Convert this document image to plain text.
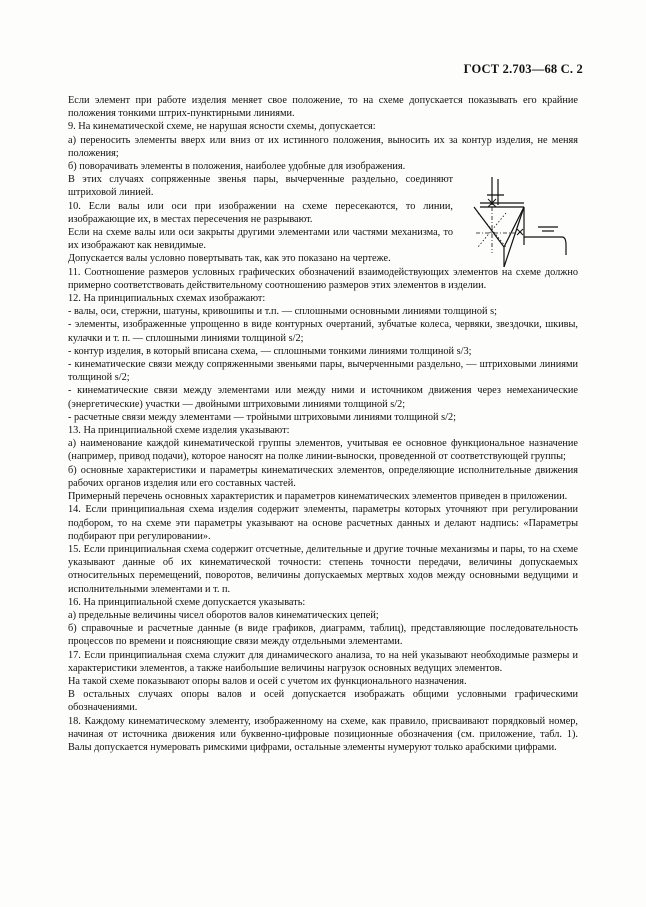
ГОСТ 2.703—68 С. 2
Если элемент при работе изделия меняет свое положение, то на схеме допускается показывать его крайние положения тонкими штрих-пунктирными линиями.
9. На кинематической схеме, не нарушая ясности схемы, допускается:
а) переносить элементы вверх или вниз от их истинного положения, выносить их за контур изделия, не меняя положения;
б) поворачивать элементы в положения, наиболее удобные для изображения.
В этих случаях сопряженные звенья пары, вычерченные раздельно, соединяют штриховой линией.
10. Если валы или оси при изображении на схеме пересекаются, то линии, изображающие их, в местах пересечения не разрывают.
Если на схеме валы или оси закрыты другими элементами или частями механизма, то их изображают как невидимые.
Допускается валы условно повертывать так, как это показано на чертеже.
11. Соотношение размеров условных графических обозначений взаимодействующих элементов на схеме должно примерно соответствовать действительному соотношению размеров этих элементов в изделии.
12. На принципиальных схемах изображают:
- валы, оси, стержни, шатуны, кривошипы и т.п. — сплошными основными линиями толщиной s;
- элементы, изображенные упрощенно в виде контурных очертаний, зубчатые колеса, червяки, звездочки, шкивы, кулачки и т. п. — сплошными линиями толщиной s/2;
- контур изделия, в который вписана схема, — сплошными тонкими линиями толщиной s/3;
- кинематические связи между сопряженными звеньями пары, вычерченными раздельно, — штриховыми линиями толщиной s/2;
- кинематические связи между элементами или между ними и источником движения через немеханические (энергетические) участки — двойными штриховыми линиями толщиной s/2;
- расчетные связи между элементами — тройными штриховыми линиями толщиной s/2;
13. На принципиальной схеме изделия указывают:
а) наименование каждой кинематической группы элементов, учитывая ее основное функциональное назначение (например, привод подачи), которое наносят на полке линии-выноски, проведенной от соответствующей группы;
б) основные характеристики и параметры кинематических элементов, определяющие исполнительные движения рабочих органов изделия или его составных частей.
Примерный перечень основных характеристик и параметров кинематических элементов приведен в приложении.
14. Если принципиальная схема изделия содержит элементы, параметры которых уточняют при регулировании подбором, то на схеме эти параметры указывают на основе расчетных данных и делают надпись: «Параметры подбирают при регулировании».
15. Если принципиальная схема содержит отсчетные, делительные и другие точные механизмы и пары, то на схеме указывают данные об их кинематической точности: степень точности передачи, величины допускаемых относительных перемещений, поворотов, величины допускаемых мертвых ходов между основными ведущими и исполнительными элементами и т. п.
16. На принципиальной схеме допускается указывать:
а) предельные величины чисел оборотов валов кинематических цепей;
б) справочные и расчетные данные (в виде графиков, диаграмм, таблиц), представляющие последовательность процессов по времени и поясняющие связи между отдельными элементами.
17. Если принципиальная схема служит для динамического анализа, то на ней указывают необходимые размеры и характеристики элементов, а также наибольшие величины нагрузок основных ведущих элементов.
На такой схеме показывают опоры валов и осей с учетом их функционального назначения.
В остальных случаях опоры валов и осей допускается изображать общими условными графическими обозначениями.
18. Каждому кинематическому элементу, изображенному на схеме, как правило, присваивают порядковый номер, начиная от источника движения или буквенно-цифровые позиционные обозначения (см. приложение, табл. 1). Валы допускается нумеровать римскими цифрами, остальные элементы нумеруют только арабскими цифрами.
